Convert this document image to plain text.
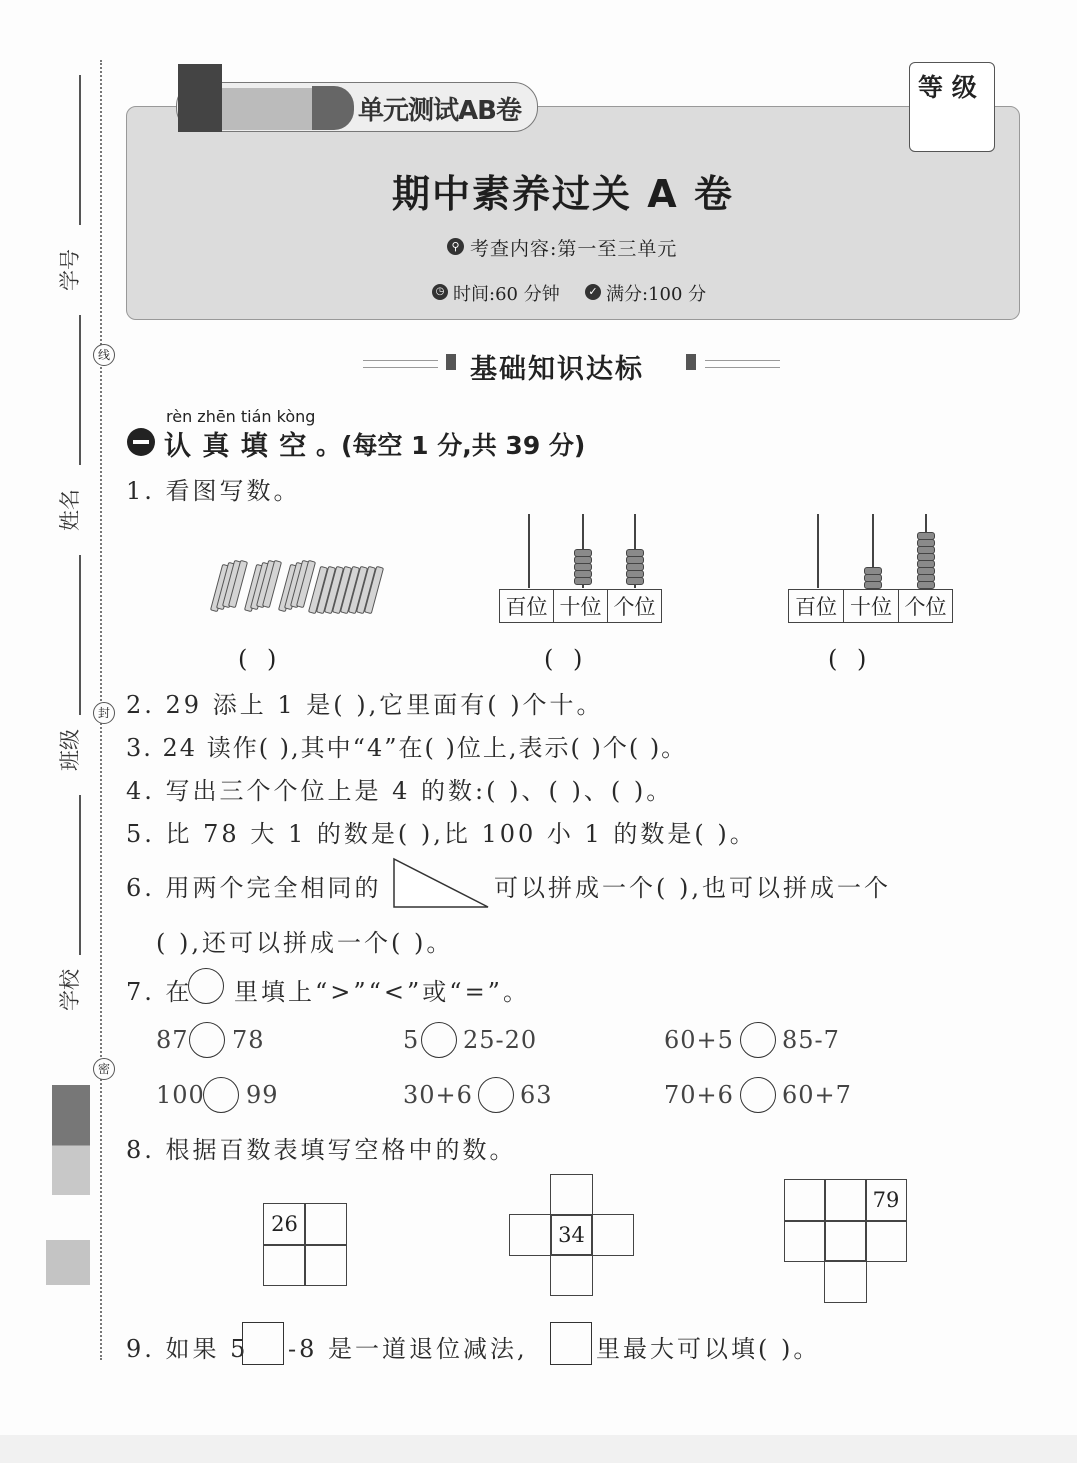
学号
姓名
班级
学校
线
封
密
单元测试AB卷
等 级
期中素养过关 A 卷
⚲ 考查内容:第一至三单元
◷ 时间:60 分钟	✓ 满分:100 分
基础知识达标
rèn zhēn tián kòng
认 真 填 空 。(每空 1 分,共 39 分)
1. 看图写数。
百位 十位 个位	百位 十位 个位
( )	( )	( )
2. 29 添上 1 是( ),它里面有( )个十。
3. 24 读作( ),其中“4”在( )位上,表示( )个( )。
4. 写出三个个位上是 4 的数:( )、( )、( )。
5. 比 78 大 1 的数是( ),比 100 小 1 的数是( )。
6. 用两个完全相同的	可以拼成一个( ),也可以拼成一个
( ),还可以拼成一个( )。
7. 在 里填上“>”“<”或“=”。
87 78	5 25-20	60+5 85-7
100 99	30+6 63	70+6 60+7
8. 根据百数表填写空格中的数。
26	34
79
9. 如果 5 -8 是一道退位减法,	里最大可以填( )。
